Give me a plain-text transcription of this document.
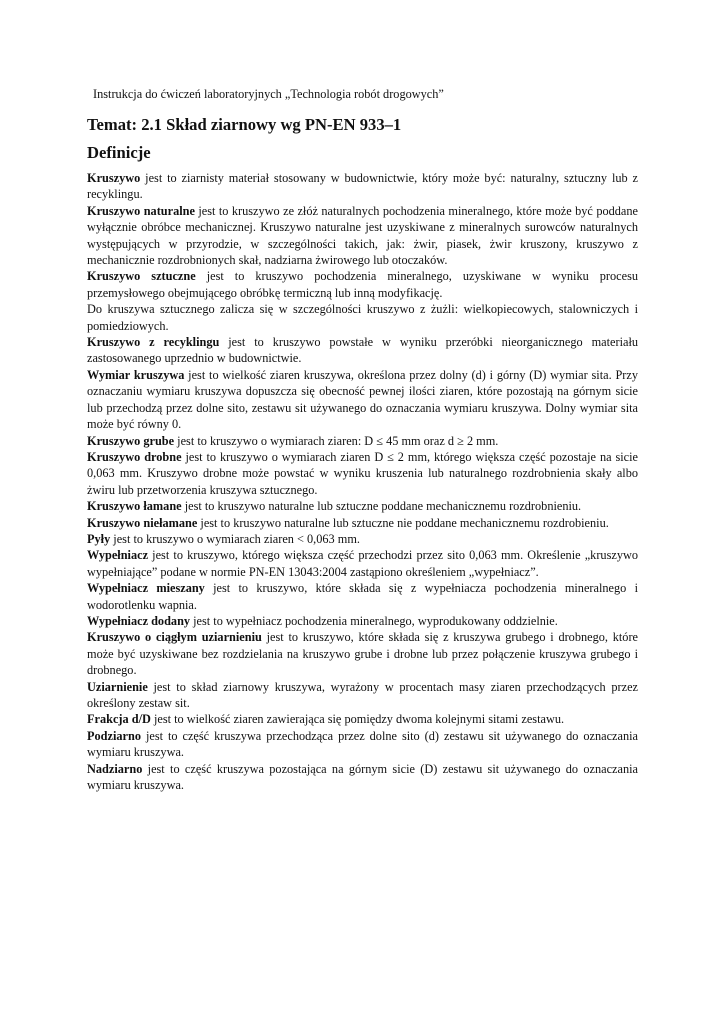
Instrukcja do ćwiczeń laboratoryjnych „Technologia robót drogowych”
Temat: 2.1 Skład ziarnowy wg PN-EN 933–1
Definicje

Kruszywo jest to ziarnisty materiał stosowany w budownictwie, który może być: naturalny, sztuczny lub z recyklingu.

Kruszywo naturalne jest to kruszywo ze złóż naturalnych pochodzenia mineralnego, które może być poddane wyłącznie obróbce mechanicznej. Kruszywo naturalne jest uzyskiwane z mineralnych surowców naturalnych występujących w przyrodzie, w szczególności takich, jak: żwir, piasek, żwir kruszony, kruszywo z mechanicznie rozdrobnionych skał, nadziarna żwirowego lub otoczaków.

Kruszywo sztuczne jest to kruszywo pochodzenia mineralnego, uzyskiwane w wyniku procesu przemysłowego obejmującego obróbkę termiczną lub inną modyfikację.

Do kruszywa sztucznego zalicza się w szczególności kruszywo z żużli: wielkopiecowych, stalowniczych i pomiedziowych.

Kruszywo z recyklingu jest to kruszywo powstałe w wyniku przeróbki nieorganicznego materiału zastosowanego uprzednio w budownictwie.

Wymiar kruszywa jest to wielkość ziaren kruszywa, określona przez dolny (d) i górny (D) wymiar sita. Przy oznaczaniu wymiaru kruszywa dopuszcza się obecność pewnej ilości ziaren, które pozostają na górnym sicie lub przechodzą przez dolne sito, zestawu sit używanego do oznaczania wymiaru kruszywa. Dolny wymiar sita może być równy 0.

Kruszywo grube jest to kruszywo o wymiarach ziaren: D ≤ 45 mm oraz d ≥ 2 mm.

Kruszywo drobne jest to kruszywo o wymiarach ziaren D ≤ 2 mm, którego większa część pozostaje na sicie 0,063 mm. Kruszywo drobne może powstać w wyniku kruszenia lub naturalnego rozdrobnienia skały albo żwiru lub przetworzenia kruszywa sztucznego.

Kruszywo łamane jest to kruszywo naturalne lub sztuczne poddane mechanicznemu rozdrobnieniu.

Kruszywo niełamane jest to kruszywo naturalne lub sztuczne nie poddane mechanicznemu rozdrobieniu.

Pyły jest to kruszywo o wymiarach ziaren < 0,063 mm.

Wypełniacz jest to kruszywo, którego większa część przechodzi przez sito 0,063 mm. Określenie „kruszywo wypełniające” podane w normie PN-EN 13043:2004 zastąpiono określeniem „wypełniacz”.

Wypełniacz mieszany jest to kruszywo, które składa się z wypełniacza pochodzenia mineralnego i wodorotlenku wapnia.

Wypełniacz dodany jest to wypełniacz pochodzenia mineralnego, wyprodukowany oddzielnie.

Kruszywo o ciągłym uziarnieniu jest to kruszywo, które składa się z kruszywa grubego i drobnego, które może być uzyskiwane bez rozdzielania na kruszywo grube i drobne lub przez połączenie kruszywa grubego i drobnego.

Uziarnienie jest to skład ziarnowy kruszywa, wyrażony w procentach masy ziaren przechodzących przez określony zestaw sit.

Frakcja d/D jest to wielkość ziaren zawierająca się pomiędzy dwoma kolejnymi sitami zestawu.

Podziarno jest to część kruszywa przechodząca przez dolne sito (d) zestawu sit używanego do oznaczania wymiaru kruszywa.

Nadziarno jest to część kruszywa pozostająca na górnym sicie (D) zestawu sit używanego do oznaczania wymiaru kruszywa.
